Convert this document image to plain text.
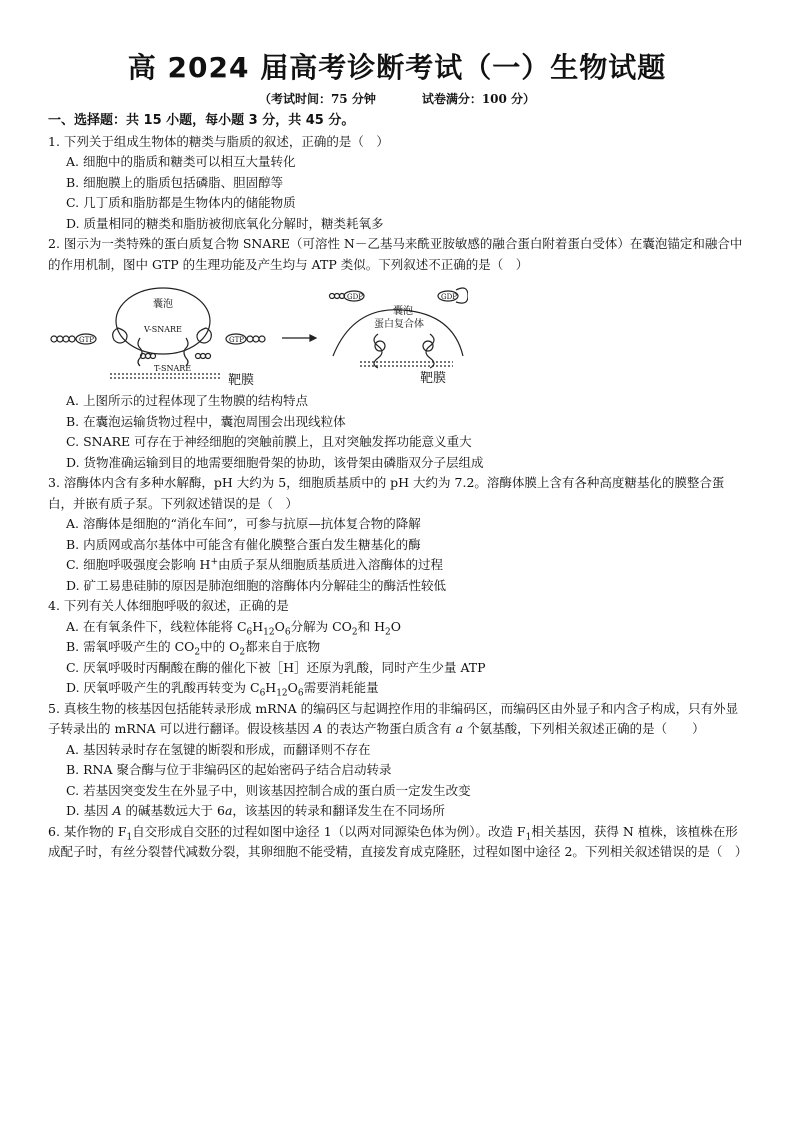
高 2024 届高考诊断考试（一）生物试题
（考试时间：75 分钟	试卷满分：100 分）

一、选择题：共 15 小题，每小题 3 分，共 45 分。

1. 下列关于组成生物体的糖类与脂质的叙述，正确的是（　）

A. 细胞中的脂质和糖类可以相互大量转化

B. 细胞膜上的脂质包括磷脂、胆固醇等

C. 几丁质和脂肪都是生物体内的储能物质

D. 质量相同的糖类和脂肪被彻底氧化分解时，糖类耗氧多

2. 图示为一类特殊的蛋白质复合物 SNARE（可溶性 N－乙基马来酰亚胺敏感的融合蛋白附着蛋白受体）在囊泡锚定和融合中的作用机制，图中 GTP 的生理功能及产生均与 ATP 类似。下列叙述不正确的是（　）

囊泡
V-SNARE
GTP	GTP
T-SNARE
靶膜
GDP	GDP
囊泡
蛋白复合体
靶膜

A. 上图所示的过程体现了生物膜的结构特点

B. 在囊泡运输货物过程中，囊泡周围会出现线粒体

C. SNARE 可存在于神经细胞的突触前膜上，且对突触发挥功能意义重大

D. 货物准确运输到目的地需要细胞骨架的协助，该骨架由磷脂双分子层组成

3. 溶酶体内含有多种水解酶，pH 大约为 5，细胞质基质中的 pH 大约为 7.2。溶酶体膜上含有各种高度糖基化的膜整合蛋白，并嵌有质子泵。下列叙述错误的是（　）

A. 溶酶体是细胞的“消化车间”，可参与抗原—抗体复合物的降解

B. 内质网或高尔基体中可能含有催化膜整合蛋白发生糖基化的酶

C. 细胞呼吸强度会影响 H+由质子泵从细胞质基质进入溶酶体的过程

D. 矿工易患硅肺的原因是肺泡细胞的溶酶体内分解硅尘的酶活性较低

4. 下列有关人体细胞呼吸的叙述，正确的是

A. 在有氧条件下，线粒体能将 $C_6H_{12}O_6$分解为 $CO_2$和 $H_2O$

B. 需氧呼吸产生的 $CO_2$中的 $O_2$都来自于底物

C. 厌氧呼吸时丙酮酸在酶的催化下被［H］还原为乳酸，同时产生少量 ATP

D. 厌氧呼吸产生的乳酸再转变为 $C_6H_{12}O_6$需要消耗能量

5. 真核生物的核基因包括能转录形成 mRNA 的编码区与起调控作用的非编码区，而编码区由外显子和内含子构成，只有外显子转录出的 mRNA 可以进行翻译。假设核基因 A 的表达产物蛋白质含有 a 个氨基酸，下列相关叙述正确的是（　　）

A. 基因转录时存在氢键的断裂和形成，而翻译则不存在

B. RNA 聚合酶与位于非编码区的起始密码子结合启动转录

C. 若基因突变发生在外显子中，则该基因控制合成的蛋白质一定发生改变

D. 基因 A 的碱基数远大于 6a，该基因的转录和翻译发生在不同场所

6. 某作物的 $F_1$自交形成自交胚的过程如图中途径 1（以两对同源染色体为例）。改造 $F_1$相关基因，获得 N 植株，该植株在形成配子时，有丝分裂替代减数分裂，其卵细胞不能受精，直接发育成克隆胚，过程如图中途径 2。下列相关叙述错误的是（　）
